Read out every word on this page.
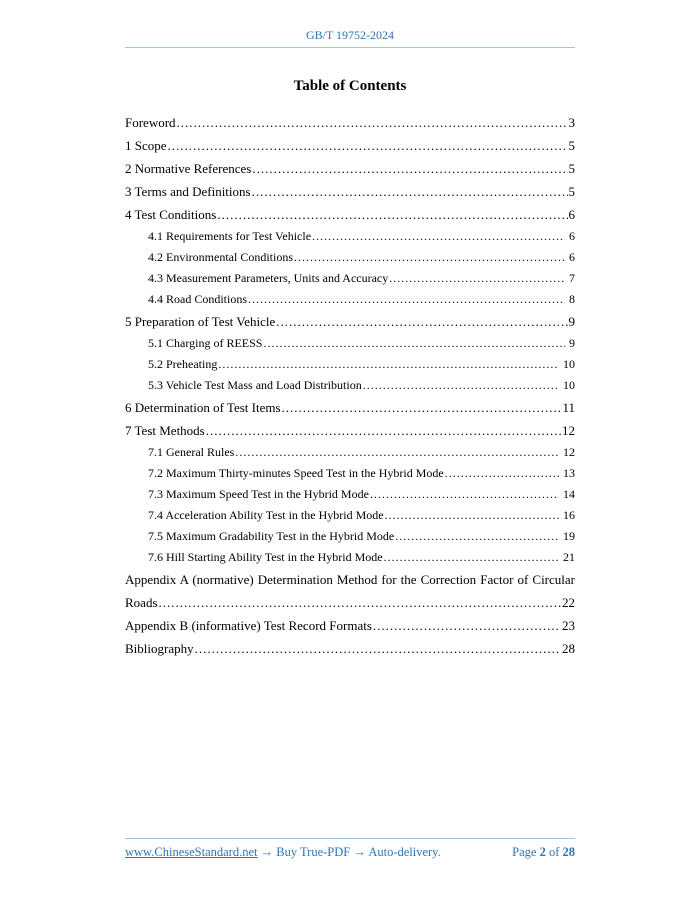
GB/T 19752-2024
Table of Contents
Foreword .....	3
1 Scope .....	5
2 Normative References .....	5
3 Terms and Definitions .....	5
4 Test Conditions .....	6
4.1 Requirements for Test Vehicle .....	6
4.2 Environmental Conditions .....	6
4.3 Measurement Parameters, Units and Accuracy .....	7
4.4 Road Conditions .....	8
5 Preparation of Test Vehicle .....	9
5.1 Charging of REESS .....	9
5.2 Preheating .....	10
5.3 Vehicle Test Mass and Load Distribution .....	10
6 Determination of Test Items .....	11
7 Test Methods .....	12
7.1 General Rules .....	12
7.2 Maximum Thirty-minutes Speed Test in the Hybrid Mode .....	13
7.3 Maximum Speed Test in the Hybrid Mode .....	14
7.4 Acceleration Ability Test in the Hybrid Mode .....	16
7.5 Maximum Gradability Test in the Hybrid Mode .....	19
7.6 Hill Starting Ability Test in the Hybrid Mode .....	21
Appendix A (normative) Determination Method for the Correction Factor of Circular
Roads .....	22
Appendix B (informative) Test Record Formats .....	23
Bibliography .....	28
www.ChineseStandard.net → Buy True-PDF → Auto-delivery.	Page 2 of 28
